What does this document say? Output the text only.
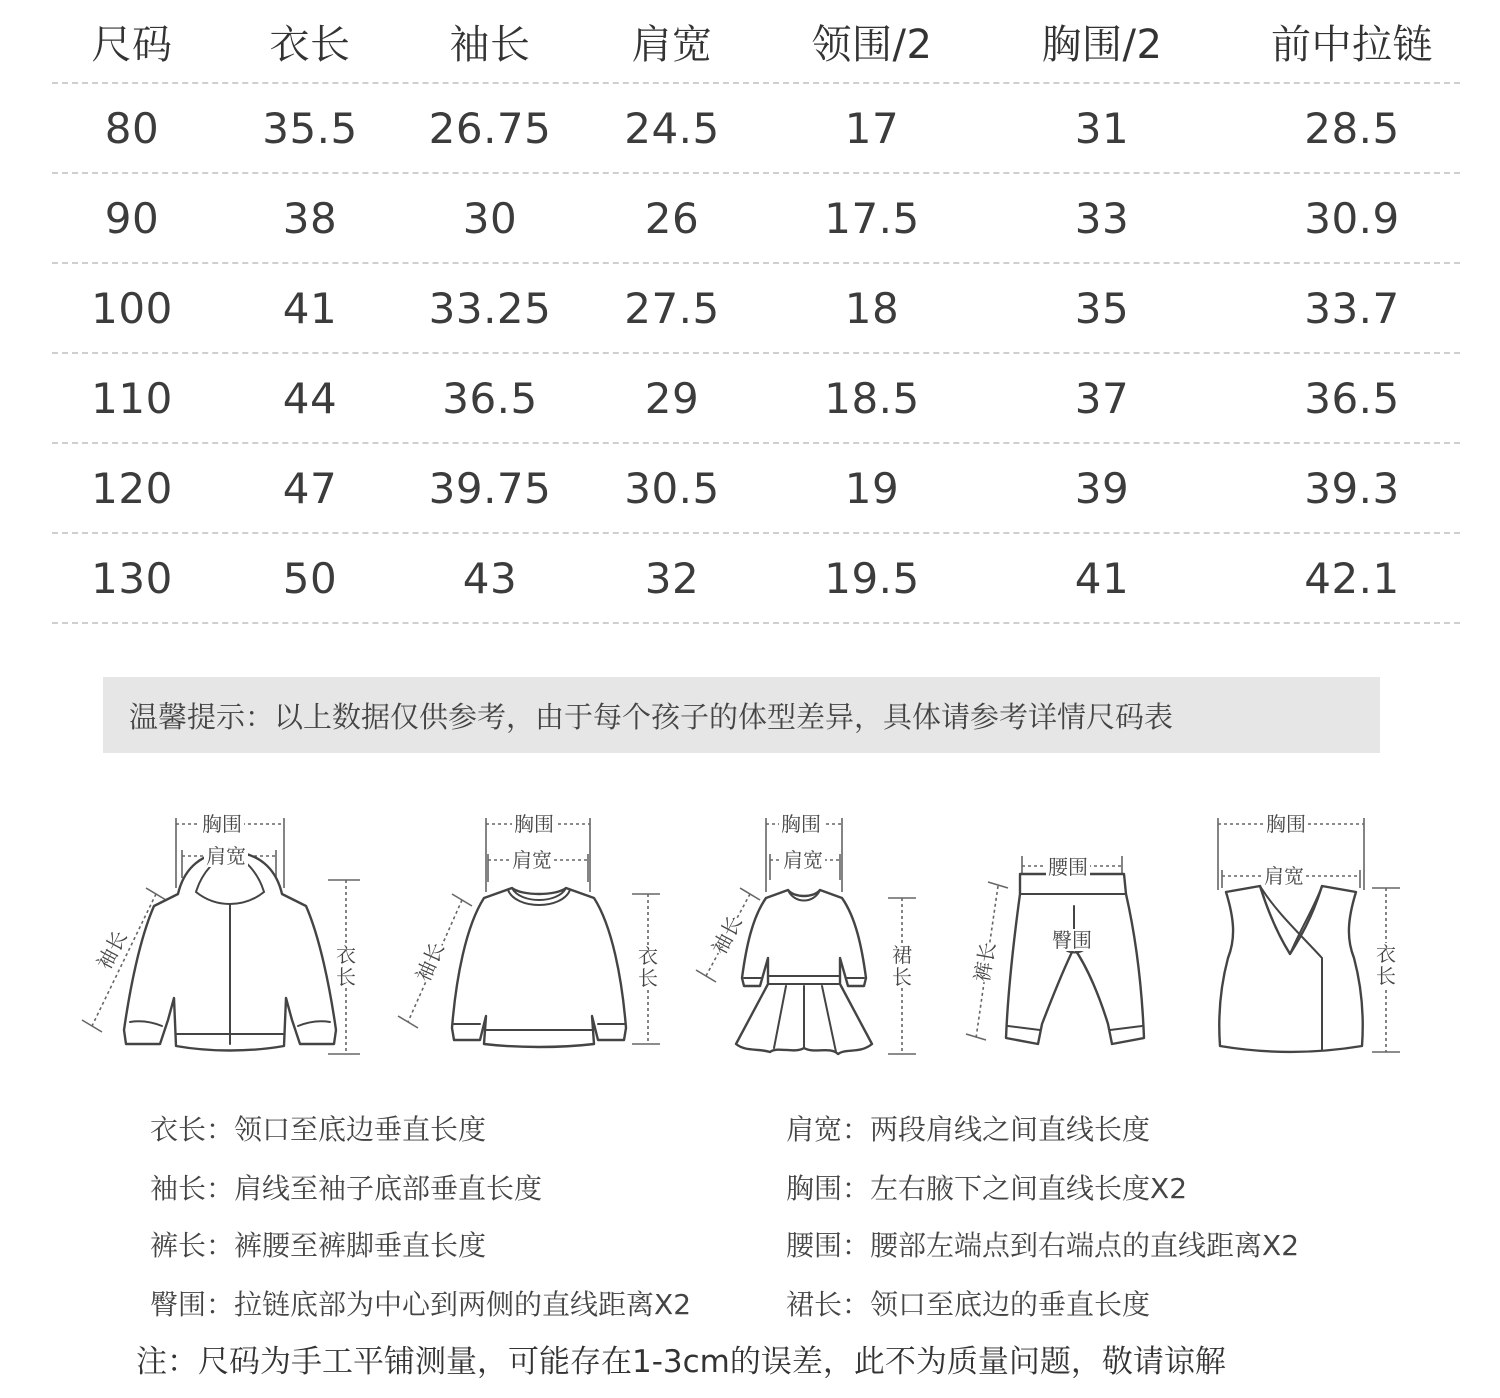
尺码 衣长 袖长	肩宽 领围/2	胸围/2	前中拉链
80 35.5 26.75 24.5	17	31	28.5
90	38	30	26	17.5	33	30.9
100	41 33.25 27.5	18	35	33.7
110	44	36.5	29	18.5	37	36.5
120	47 39.75 30.5	19	39	39.3
130	50	43	32	19.5	41	42.1
温馨提示：以上数据仅供参考，由于每个孩子的体型差异，具体请参考详情尺码表
胸围
肩宽
袖长	衣长
胸围
肩宽
袖长	衣长
胸围
肩宽
袖长	裙长
腰围
臀围
裤长
胸围
肩宽
衣长
衣长：领口至底边垂直长度	肩宽：两段肩线之间直线长度
袖长：肩线至袖子底部垂直长度	胸围：左右腋下之间直线长度X2
裤长：裤腰至裤脚垂直长度	腰围：腰部左端点到右端点的直线距离X2
臀围：拉链底部为中心到两侧的直线距离X2	裙长：领口至底边的垂直长度
注：尺码为手工平铺测量，可能存在1-3cm的误差，此不为质量问题，敬请谅解
